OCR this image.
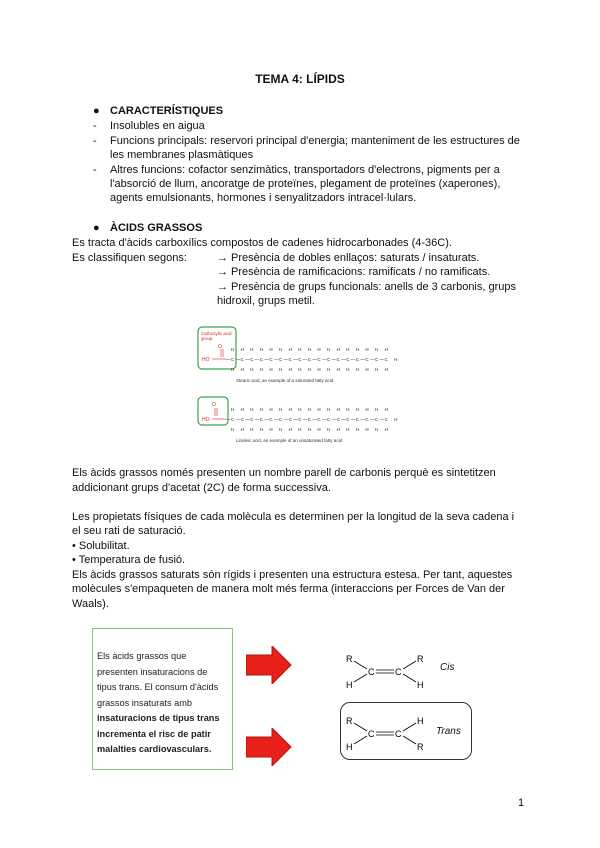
TEMA 4: LÍPIDS
● CARACTERÍSTIQUES
- Insolubles en aigua
- Funcions principals: reservori principal d'energia; manteniment de les estructures de
les membranes plasmàtiques
- Altres funcions: cofactor senzimàtics, transportadors d'electrons, pigments per a
l'absorció de llum, ancoratge de proteïnes, plegament de proteïnes (xaperones),
agents emulsionants, hormones i senyalitzadors intracel·lulars.
● ÀCIDS GRASSOS
Es tracta d'àcids carboxílics compostos de cadenes hidrocarbonades (4-36C).
Es classifiquen segons:	→ Presència de dobles enllaços: saturats / insaturats.
→ Presència de ramificacions: ramificats / no ramificats.
→ Presència de grups funcionals: anells de 3 carbonis, grups
hidroxil, grups metil.
Carboxylic acid
group
O
HO
H
C
H
H
C
H
H
C
H
H
C
H
H
C
H
H
C
H
H
C
H
H
C
H
H
C
H
H
C
H
H
C
H
H
C
H
H
C
H
H
C
H
H
C
H
H
C
H
H
C
H
H
Stearic acid, an example of a saturated fatty acid
O
HO
H
C
H
H
C
H
H
C
H
H
C
H
H
C
H
H
C
H
H
C
H
H
C
H
H
C
H
H
C
H
H
C
H
H
C
H
H
C
H
H
C
H
H
C
H
H
C
H
H
C
H
H
Linoleic acid, an example of an unsaturated fatty acid
Els àcids grassos només presenten un nombre parell de carbonis perquè es sintetitzen
addicionant grups d'acetat (2C) de forma successiva.
Les propietats físiques de cada molècula es determinen per la longitud de la seva cadena i
el seu rati de saturació.
• Solubilitat.
• Temperatura de fusió.
Els àcids grassos saturats són rígids i presenten una estructura estesa. Per tant, aquestes
molècules s'empaqueten de manera molt més ferma (interaccions per Forces de Van der
Waals).
Els àcids grassos que
presenten insaturacions de
tipus trans. El consum d'àcids
grassos insaturats amb
insaturacions de tipus trans
incrementa el risc de patir
malalties cardiovasculars.
R
H
C C
R
H
Cis
R
H
C C
H
R
Trans
1
